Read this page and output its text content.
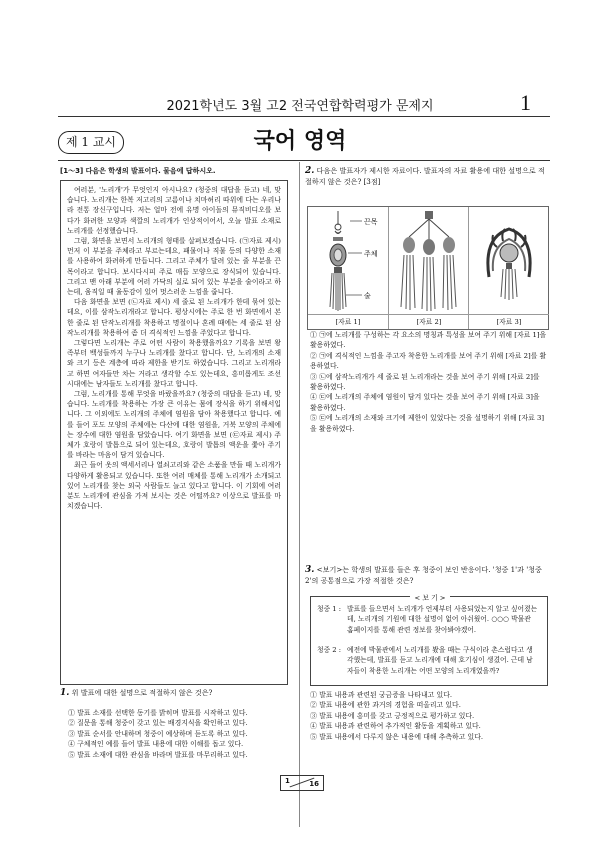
2021학년도 3월 고2 전국연합학력평가 문제지	1
제 1 교시	국어 영역
[1～3] 다음은 학생의 발표이다. 물음에 답하시오.

여러분, '노리개'가 무엇인지 아시나요? (청중의 대답을 듣고) 네, 맞습니다. 노리개는 한복 저고리의 고름이나 치마허리 따위에 다는 우리나라 전통 장신구입니다. 저는 얼마 전에 유명 아이돌의 뮤직비디오를 보다가 화려한 모양과 색깔의 노리개가 인상적이어서, 오늘 발표 소재로 노리개를 선정했습니다.

그럼, 화면을 보면서 노리개의 형태를 살펴보겠습니다. (㉠자료 제시) 먼저 이 부분을 주체라고 부르는데요, 패물이나 직물 등의 다양한 소재를 사용하여 화려하게 만듭니다. 그리고 주체가 달려 있는 줄 부분을 끈목이라고 합니다. 보시다시피 주로 매듭 모양으로 장식되어 있습니다. 그리고 맨 아래 부분에 여러 가닥의 실로 되어 있는 부분을 술이라고 하는데, 움직일 때 율동감이 있어 멋스러운 느낌을 줍니다.

다음 화면을 보면 (㉡자료 제시) 세 줄로 된 노리개가 한데 묶여 있는데요, 이를 삼작노리개라고 합니다. 평상시에는 주로 한 번 화면에서 본 한 줄로 된 단작노리개를 착용하고 명절이나 혼례 때에는 세 줄로 된 삼작노리개를 착용하여 좀 더 격식적인 느낌을 주었다고 합니다.

그렇다면 노리개는 주로 어떤 사람이 착용했을까요? 기록을 보면 왕족부터 백성들까지 누구나 노리개를 찼다고 합니다. 단, 노리개의 소재와 크기 등은 계층에 따라 제한을 받기도 하였습니다. 그리고 노리개라고 하면 여자들만 차는 거라고 생각할 수도 있는데요, 흥미롭게도 조선 시대에는 남자들도 노리개를 찼다고 합니다.

그럼, 노리개를 통해 무엇을 바랐을까요? (청중의 대답을 듣고) 네, 맞습니다. 노리개를 착용하는 가장 큰 이유는 몸에 장식을 하기 위해서입니다. 그 이외에도 노리개의 주체에 염원을 담아 착용했다고 합니다. 예를 들어 포도 모양의 주체에는 다산에 대한 염원을, 거북 모양의 주체에는 장수에 대한 염원을 담았습니다. 여기 화면을 보면 (㉢자료 제시) 주체가 호랑이 발톱으로 되어 있는데요, 호랑이 발톱의 액운을 쫓아 주기를 바라는 마음이 담겨 있습니다.

최근 들어 옷의 액세서리나 열쇠고리와 같은 소품을 만들 때 노리개가 다양하게 활용되고 있습니다. 또한 여러 매체를 통해 노리개가 소개되고 있어 노리개를 찾는 외국 사람들도 늘고 있다고 합니다. 이 기회에 여러분도 노리개에 관심을 가져 보시는 것은 어떨까요? 이상으로 발표를 마치겠습니다.

1. 위 발표에 대한 설명으로 적절하지 않은 것은?

① 발표 소재를 선택한 동기를 밝히며 발표를 시작하고 있다.

② 질문을 통해 청중이 갖고 있는 배경지식을 확인하고 있다.

③ 발표 순서를 안내하며 청중이 예상하며 듣도록 하고 있다.

④ 구체적인 예를 들어 발표 내용에 대한 이해를 돕고 있다.

⑤ 발표 소재에 대한 관심을 바라며 발표를 마무리하고 있다.

2. 다음은 발표자가 제시한 자료이다. 발표자의 자료 활용에 대한 설명으로 적절하지 않은 것은? [3점]
끈목
주체
술
[자료 1]	[자료 2]	[자료 3]

① ㉠에 노리개를 구성하는 각 요소의 명칭과 특성을 보여 주기 위해 [자료 1]을 활용하였다.

② ㉠에 격식적인 느낌을 주고자 착용한 노리개를 보여 주기 위해 [자료 2]를 활용하였다.

③ ㉡에 삼작노리개가 세 줄로 된 노리개라는 것을 보여 주기 위해 [자료 2]를 활용하였다.

④ ㉢에 노리개의 주체에 염원이 담겨 있다는 것을 보여 주기 위해 [자료 3]을 활용하였다.

⑤ ㉢에 노리개의 소재와 크기에 제한이 있었다는 것을 설명하기 위해 [자료 3]을 활용하였다.

3. <보기>는 학생의 발표를 들은 후 청중이 보인 반응이다. '청중 1'과 '청중 2'의 공통점으로 가장 적절한 것은?
< 보 기 >
청중 1 : 발표를 들으면서 노리개가 언제부터 사용되었는지 알고 싶어졌는데, 노리개의 기원에 대한 설명이 없어 아쉬웠어. ○○○ 박물관 홈페이지를 통해 관련 정보를 찾아봐야겠어.
청중 2 : 예전에 박물관에서 노리개를 봤을 때는 구식이라 촌스럽다고 생각했는데, 발표를 듣고 노리개에 대해 호기심이 생겼어. 근데 남자들이 착용한 노리개는 어떤 모양의 노리개였을까?

① 발표 내용과 관련된 궁금증을 나타내고 있다.

② 발표 내용에 관한 과거의 경험을 떠올리고 있다.

③ 발표 내용에 흥미를 갖고 긍정적으로 평가하고 있다.

④ 발표 내용과 관련하여 추가적인 활동을 계획하고 있다.

⑤ 발표 내용에서 다루지 않은 내용에 대해 추측하고 있다.

1	16
